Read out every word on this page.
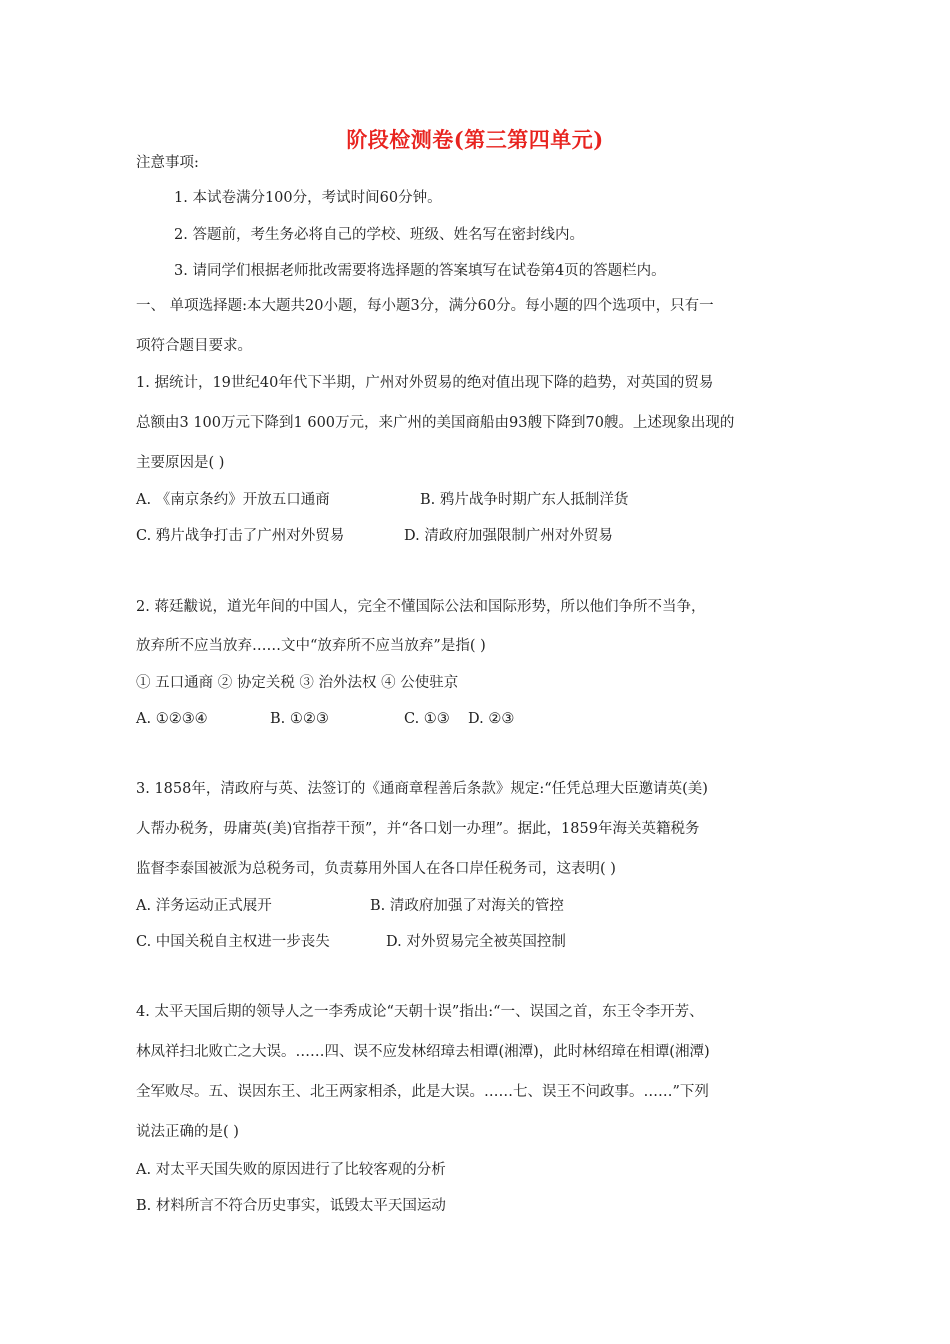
阶段检测卷(第三第四单元)
注意事项:
1. 本试卷满分100分，考试时间60分钟。
2. 答题前，考生务必将自己的学校、班级、姓名写在密封线内。
3. 请同学们根据老师批改需要将选择题的答案填写在试卷第4页的答题栏内。
一、 单项选择题:本大题共20小题，每小题3分，满分60分。每小题的四个选项中，只有一
项符合题目要求。
1. 据统计，19世纪40年代下半期，广州对外贸易的绝对值出现下降的趋势，对英国的贸易
总额由3 100万元下降到1 600万元，来广州的美国商船由93艘下降到70艘。上述现象出现的
主要原因是( )
A. 《南京条约》开放五口通商	B. 鸦片战争时期广东人抵制洋货
C. 鸦片战争打击了广州对外贸易	D. 清政府加强限制广州对外贸易
2. 蒋廷黻说，道光年间的中国人，完全不懂国际公法和国际形势，所以他们争所不当争，
放弃所不应当放弃……文中“放弃所不应当放弃”是指( )
① 五口通商 ② 协定关税 ③ 治外法权 ④ 公使驻京
A. ①②③④	B. ①②③	C. ①③ D. ②③
3. 1858年，清政府与英、法签订的《通商章程善后条款》规定:“任凭总理大臣邀请英(美)
人帮办税务，毋庸英(美)官指荐干预”，并“各口划一办理”。据此，1859年海关英籍税务
监督李泰国被派为总税务司，负责募用外国人在各口岸任税务司，这表明( )
A. 洋务运动正式展开	B. 清政府加强了对海关的管控
C. 中国关税自主权进一步丧失	D. 对外贸易完全被英国控制
4. 太平天国后期的领导人之一李秀成论“天朝十误”指出:“一、误国之首，东王令李开芳、
林凤祥扫北败亡之大误。……四、误不应发林绍璋去相谭(湘潭)，此时林绍璋在相谭(湘潭)
全军败尽。五、误因东王、北王两家相杀，此是大误。……七、误王不问政事。……”下列
说法正确的是( )
A. 对太平天国失败的原因进行了比较客观的分析
B. 材料所言不符合历史事实，诋毁太平天国运动
